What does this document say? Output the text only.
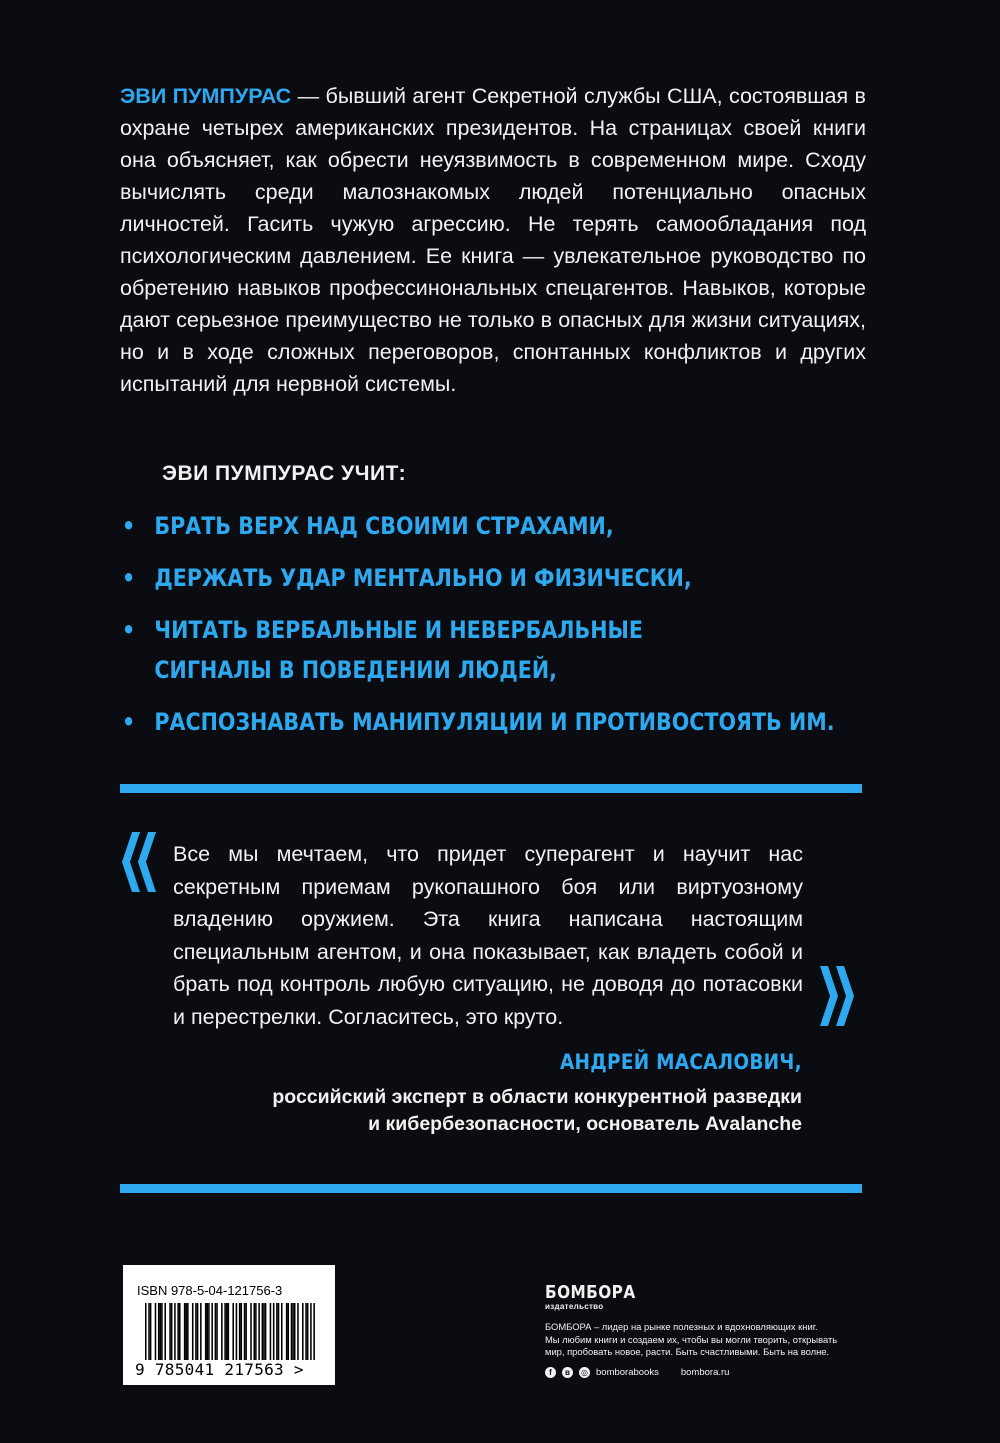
ЭВИ ПУМПУРАС — бывший агент Секретной службы США, состоявшая в охране четырех американских президентов. На страницах своей книги она объясняет, как обрести неуязвимость в современном мире. Сходу вычислять среди малознакомых людей потенциально опасных личностей. Гасить чужую агрессию. Не терять самообладания под психологическим давлением. Ее книга — увлекательное руководство по обретению навыков профессинональных спецагентов. Навыков, которые дают серьезное преимущество не только в опасных для жизни ситуациях, но и в ходе сложных переговоров, спонтанных конфликтов и других испытаний для нервной системы.

ЭВИ ПУМПУРАС УЧИТ:

• БРАТЬ ВЕРХ НАД СВОИМИ СТРАХАМИ,
• ДЕРЖАТЬ УДАР МЕНТАЛЬНО И ФИЗИЧЕСКИ,
• ЧИТАТЬ ВЕРБАЛЬНЫЕ И НЕВЕРБАЛЬНЫЕ
СИГНАЛЫ В ПОВЕДЕНИИ ЛЮДЕЙ,
• РАСПОЗНАВАТЬ МАНИПУЛЯЦИИ И ПРОТИВОСТОЯТЬ ИМ.

Все мы мечтаем, что придет суперагент и научит нас секретным приемам рукопашного боя или виртуозному владению оружием. Эта книга написана настоящим специальным агентом, и она показывает, как владеть собой и брать под контроль любую ситуацию, не доводя до потасовки и перестрелки. Согласитесь, это круто.

АНДРЕЙ МАСАЛОВИЧ,

российский эксперт в области конкурентной разведки
и кибербезопасности, основатель Avalanche

ISBN 978-5-04-121756-3
9 785041 217563 >
БОМБОРА
издательство
БОМБОРА – лидер на рынке полезных и вдохновляющих книг.
Мы любим книги и создаем их, чтобы вы могли творить, открывать
мир, пробовать новое, расти. Быть счастливыми. Быть на волне.
f	в	◎ bomborabooks bombora.ru
